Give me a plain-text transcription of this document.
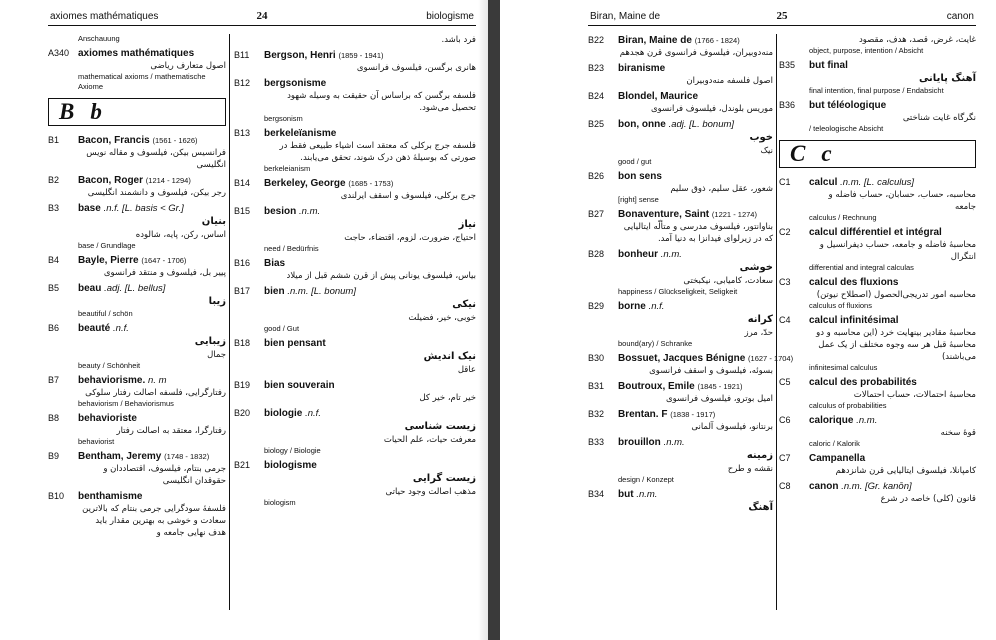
axiomes mathématiques	24	biologisme
Anschauung
A340 axiomes mathématiques
اصول متعارف ریاضی
mathematical axioms / mathematische Axiome
B b
B1 Bacon, Francis (1561 - 1626)
فرانسیس بیکن، فیلسوف و مقاله نویس انگلیسی
B2 Bacon, Roger (1214 - 1294)
رجر بیکن، فیلسوف و دانشمند انگلیسی
B3 base .n.f. [L. basis < Gr.]
بنیان
اساس، رکن، پایه، شالوده
base / Grundlage
B4 Bayle, Pierre (1647 - 1706)
پییر بل، فیلسوف و منتقد فرانسوی
B5 beau .adj. [L. bellus]
زیبا
beautiful / schön
B6 beauté .n.f.
زیبایی
جمال
beauty / Schönheit
B7 behaviorisme. n. m
رفتارگرایی، فلسفه اصالت رفتار سلوکی
behaviorism / Behaviorismus
B8 behavioriste
رفتارگرا، معتقد به اصالت رفتار
behaviorist
B9 Bentham, Jeremy (1748 - 1832)
جرمی بنتام، فیلسوف، اقتصاددان و حقوقدان انگلیسی
B10 benthamisme
فلسفهٔ سودگرایی جرمی بنتام که بالاترین سعادت و خوشی به بهترین مقدار باید هدف نهایی جامعه و
فرد باشد.
B11 Bergson, Henri (1859 - 1941)
هانری برگسن، فیلسوف فرانسوی
B12 bergsonisme
فلسفه برگسن که براساس آن حقیقت به وسیله شهود تحصیل می‌شود.
bergsonism
B13 berkeleïanisme
فلسفه جرج برکلی که معتقد است اشیاء طبیعی فقط در صورتی که بوسیلهٔ ذهن درک شوند، تحقق می‌یابند.
berkeleianism
B14 Berkeley, George (1685 - 1753)
جرج برکلی، فیلسوف و اسقف ایرلندی
B15 besion .n.m.
نیاز
احتیاج، ضرورت، لزوم، اقتضاء، حاجت
need / Bedürfnis
B16 Bias
بیاس، فیلسوف یونانی پیش از قرن ششم قبل از میلاد
B17 bien .n.m. [L. bonum]
نیکی
خوبی، خیر، فضیلت
good / Gut
B18 bien pensant
نیک اندیش
عاقل
B19 bien souverain
خیر تام، خیر کل
B20 biologie .n.f.
زیست شناسی
معرفت حیات، علم الحیات
biology / Biologie
B21 biologisme
زیست گرایی
مذهب اصالت وجود حیاتی
biologism
Biran, Maine de	25	canon
B22 Biran, Maine de (1766 - 1824)
منه‌دوبیران، فیلسوف فرانسوی قرن هجدهم
B23 biranisme
اصول فلسفه منه‌دوبیران
B24 Blondel, Maurice
موریس بلوندل، فیلسوف فرانسوی
B25 bon, onne .adj. [L. bonum]
خوب
نیک
good / gut
B26 bon sens
شعور، عقل سلیم، ذوق سلیم
[right] sense
B27 Bonaventure, Saint (1221 - 1274)
بناوانتور، فیلسوف مدرسی و متألّه ایتالیایی که در زیرلوای فیدانزا به دنیا آمد.
B28 bonheur .n.m.
خوشی
سعادت، کامیابی، نیکبختی
happiness / Glückseligkeit, Seligkeit
B29 borne .n.f.
کرانه
حدّ، مرز
bound(ary) / Schranke
B30 Bossuet, Jacques Bénigne (1627 - 1704)
بسوئه، فیلسوف و اسقف فرانسوی
B31 Boutroux, Emile (1845 - 1921)
امیل بوترو، فیلسوف فرانسوی
B32 Brentan. F (1838 - 1917)
برنتانو، فیلسوف آلمانی
B33 brouillon .n.m.
زمینه
نقشه و طرح
design / Konzept
B34 but .n.m.
آهنگ
غایت، غرض، قصد، هدف، مقصود
object, purpose, intention / Absicht
B35 but final
آهنگ پایانی
final intention, final purpose / Endabsicht
B36 but téléologique
نگرگاه غایت شناختی
/ teleologische Absicht
C c
C1 calcul .n.m. [L. calculus]
محاسبه، حساب، حسابان، حساب فاضله و جامعه
calculus / Rechnung
C2 calcul différentiel et intégral
محاسبهٔ فاضله و جامعه، حساب دیفرانسیل و انتگرال
differential and integral calculas
C3 calcul des fluxions
محاسبه امور تدریجی‌الحصول (اصطلاح نیوتن)
calculus of fluxions
C4 calcul infinitésimal
محاسبهٔ مقادیر بینهایت خرد (این محاسبه و دو محاسبهٔ قبل هر سه وجوه مختلف از یک عمل می‌باشند)
infinitesimal calculus
C5 calcul des probabilités
محاسبهٔ احتمالات، حساب احتمالات
calculus of probabilities
C6 calorique .n.m.
قوهٔ سخنه
caloric / Kalorik
C7 Campanella
کامپانلا، فیلسوف ایتالیایی قرن شانزدهم
C8 canon .n.m. [Gr. kanōn]
قانون (کلی) خاصه در شرع
